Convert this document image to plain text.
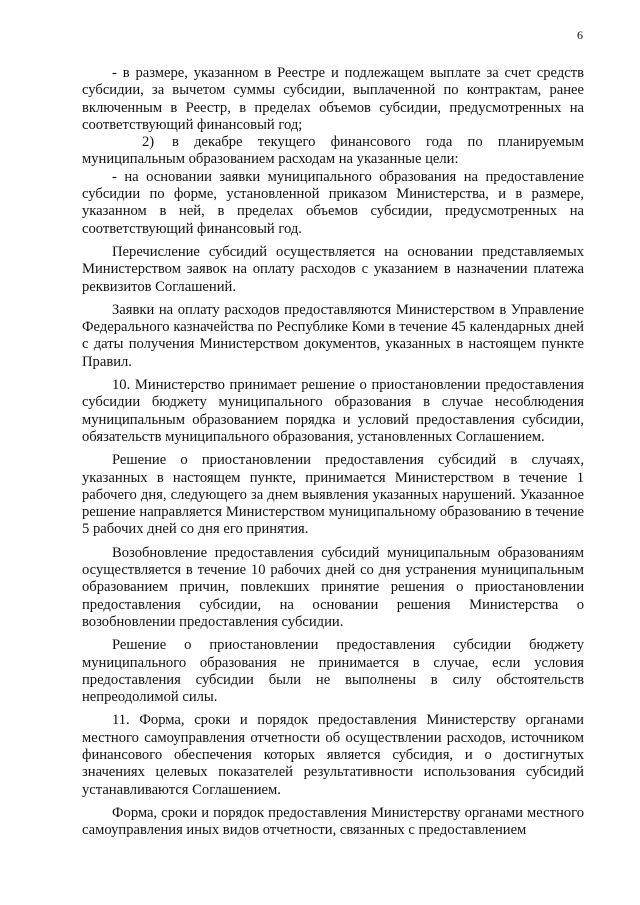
6

- в размере, указанном в Реестре и подлежащем выплате за счет средств субсидии, за вычетом суммы субсидии, выплаченной по контрактам, ранее включенным в Реестр, в пределах объемов субсидии, предусмотренных на соответствующий финансовый год;

2) в декабре текущего финансового года по планируемым муниципальным образованием расходам на указанные цели:

- на основании заявки муниципального образования на предоставление субсидии по форме, установленной приказом Министерства, и в размере, указанном в ней, в пределах объемов субсидии, предусмотренных на соответствующий финансовый год.

Перечисление субсидий осуществляется на основании представляемых Министерством заявок на оплату расходов с указанием в назначении платежа реквизитов Соглашений.

Заявки на оплату расходов предоставляются Министерством в Управление Федерального казначейства по Республике Коми в течение 45 календарных дней с даты получения Министерством документов, указанных в настоящем пункте Правил.

10. Министерство принимает решение о приостановлении предоставления субсидии бюджету муниципального образования в случае несоблюдения муниципальным образованием порядка и условий предоставления субсидии, обязательств муниципального образования, установленных Соглашением.

Решение о приостановлении предоставления субсидий в случаях, указанных в настоящем пункте, принимается Министерством в течение 1 рабочего дня, следующего за днем выявления указанных нарушений. Указанное решение направляется Министерством муниципальному образованию в течение 5 рабочих дней со дня его принятия.

Возобновление предоставления субсидий муниципальным образованиям осуществляется в течение 10 рабочих дней со дня устранения муниципальным образованием причин, повлекших принятие решения о приостановлении предоставления субсидии, на основании решения Министерства о возобновлении предоставления субсидии.

Решение о приостановлении предоставления субсидии бюджету муниципального образования не принимается в случае, если условия предоставления субсидии были не выполнены в силу обстоятельств непреодолимой силы.

11. Форма, сроки и порядок предоставления Министерству органами местного самоуправления отчетности об осуществлении расходов, источником финансового обеспечения которых является субсидия, и о достигнутых значениях целевых показателей результативности использования субсидий устанавливаются Соглашением.

Форма, сроки и порядок предоставления Министерству органами местного самоуправления иных видов отчетности, связанных с предоставлением
